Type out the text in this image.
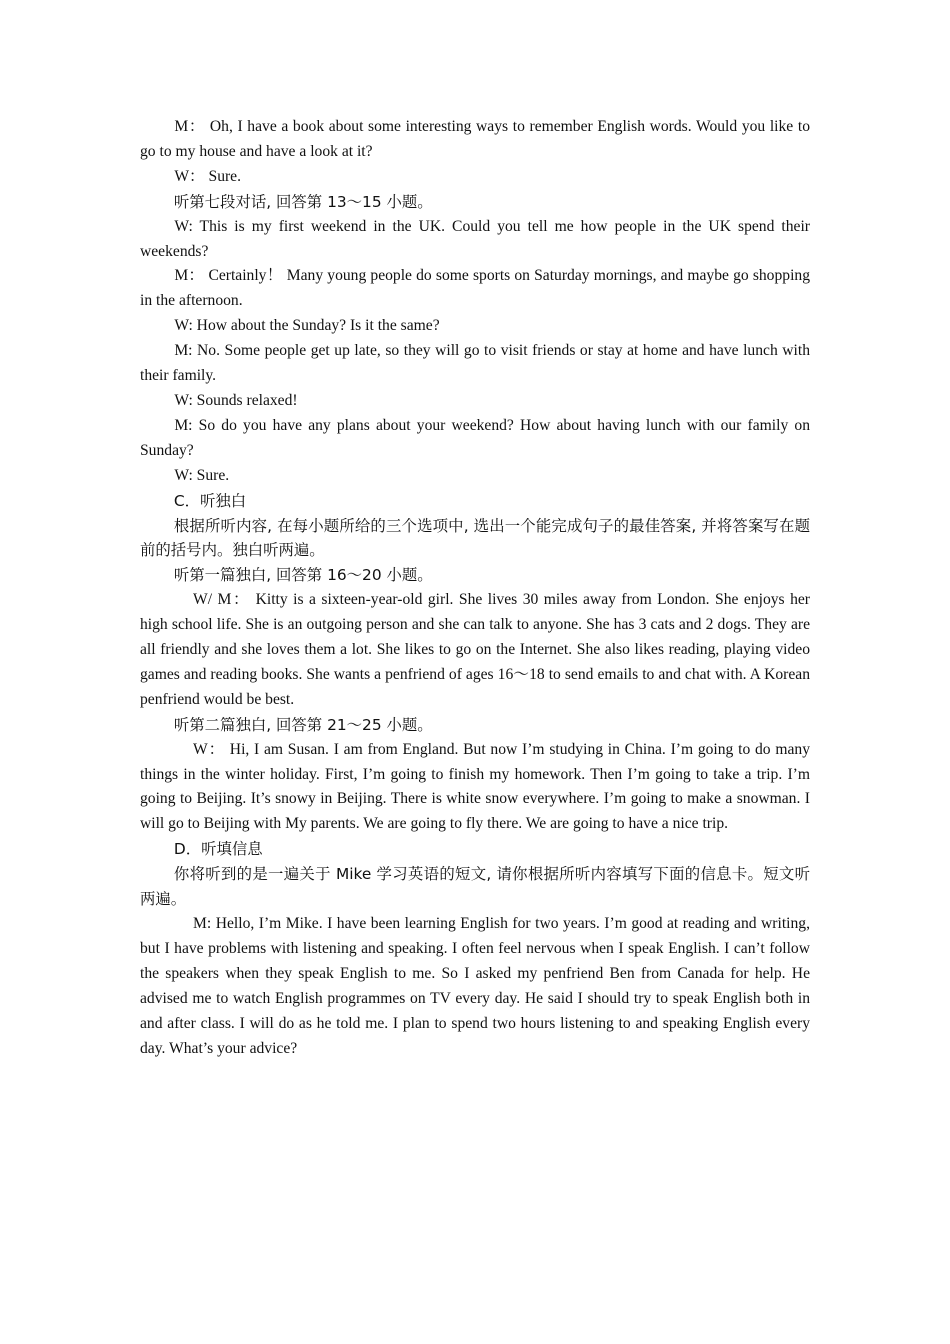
M： Oh, I have a book about some interesting ways to remember English words. Would you like to go to my house and have a look at it?

W： Sure.

听第七段对话, 回答第 13～15 小题。

W: This is my first weekend in the UK. Could you tell me how people in the UK spend their weekends?

M： Certainly！ Many young people do some sports on Saturday mornings, and maybe go shopping in the afternoon.

W: How about the Sunday? Is it the same?

M: No. Some people get up late, so they will go to visit friends or stay at home and have lunch with their family.

W: Sounds relaxed!

M: So do you have any plans about your weekend? How about having lunch with our family on Sunday?

W: Sure.

C．听独白

根据所听内容, 在每小题所给的三个选项中, 选出一个能完成句子的最佳答案, 并将答案写在题前的括号内。独白听两遍。

听第一篇独白, 回答第 16～20 小题。

W/ M： Kitty is a sixteen-year-old girl. She lives 30 miles away from London. She enjoys her high school life. She is an outgoing person and she can talk to anyone. She has 3 cats and 2 dogs. They are all friendly and she loves them a lot. She likes to go on the Internet. She also likes reading, playing video games and reading books. She wants a penfriend of ages 16～18 to send emails to and chat with. A Korean penfriend would be best.

听第二篇独白, 回答第 21～25 小题。

W： Hi, I am Susan. I am from England. But now I’m studying in China. I’m going to do many things in the winter holiday. First, I’m going to finish my homework. Then I’m going to take a trip. I’m going to Beijing. It’s snowy in Beijing. There is white snow everywhere. I’m going to make a snowman. I will go to Beijing with My parents. We are going to fly there. We are going to have a nice trip.

D．听填信息

你将听到的是一遍关于 Mike 学习英语的短文, 请你根据所听内容填写下面的信息卡。短文听两遍。

M: Hello, I’m Mike. I have been learning English for two years. I’m good at reading and writing, but I have problems with listening and speaking. I often feel nervous when I speak English. I can’t follow the speakers when they speak English to me. So I asked my penfriend Ben from Canada for help. He advised me to watch English programmes on TV every day. He said I should try to speak English both in and after class. I will do as he told me. I plan to spend two hours listening to and speaking English every day. What’s your advice?
